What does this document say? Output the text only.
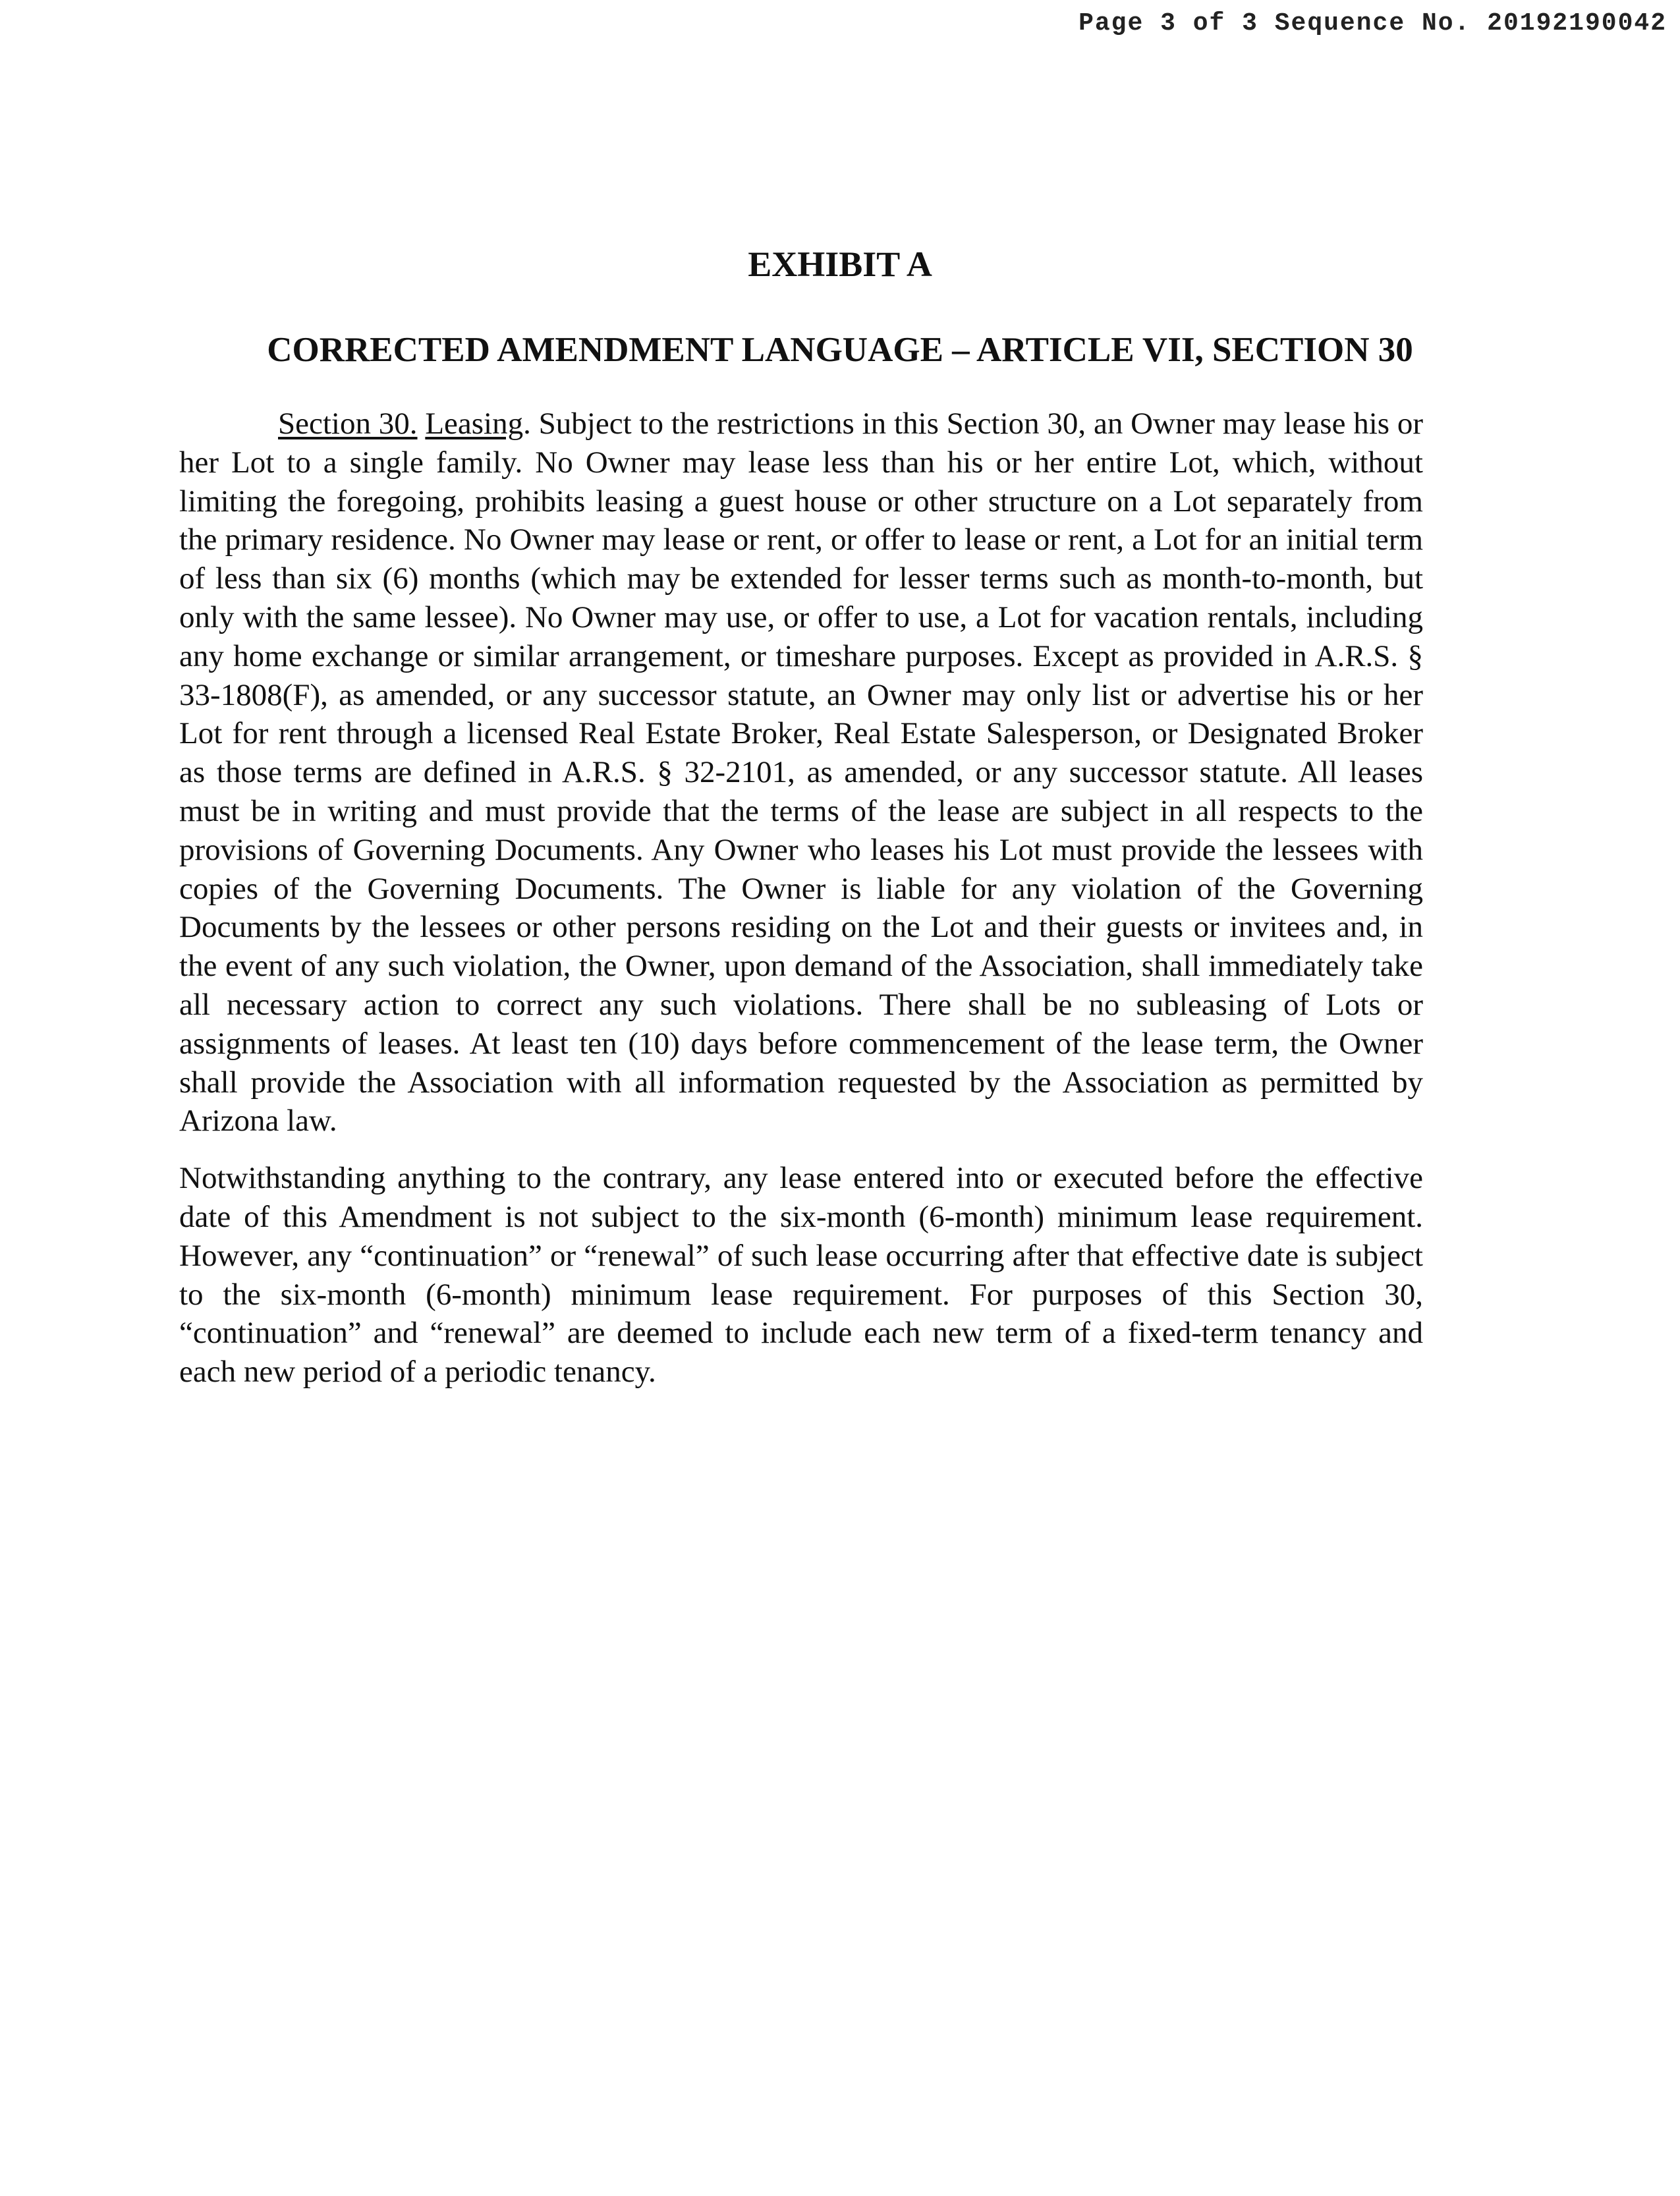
Page 3 of 3 Sequence No. 20192190042
EXHIBIT A
CORRECTED AMENDMENT LANGUAGE – ARTICLE VII, SECTION 30

Section 30. Leasing. Subject to the restrictions in this Section 30, an Owner may lease his or her Lot to a single family. No Owner may lease less than his or her entire Lot, which, without limiting the foregoing, prohibits leasing a guest house or other structure on a Lot separately from the primary residence. No Owner may lease or rent, or offer to lease or rent, a Lot for an initial term of less than six (6) months (which may be extended for lesser terms such as month-to-month, but only with the same lessee). No Owner may use, or offer to use, a Lot for vacation rentals, including any home exchange or similar arrangement, or timeshare purposes. Except as provided in A.R.S. § 33-1808(F), as amended, or any successor statute, an Owner may only list or advertise his or her Lot for rent through a licensed Real Estate Broker, Real Estate Salesperson, or Designated Broker as those terms are defined in A.R.S. § 32-2101, as amended, or any successor statute. All leases must be in writing and must provide that the terms of the lease are subject in all respects to the provisions of Governing Documents. Any Owner who leases his Lot must provide the lessees with copies of the Governing Documents. The Owner is liable for any violation of the Governing Documents by the lessees or other persons residing on the Lot and their guests or invitees and, in the event of any such violation, the Owner, upon demand of the Association, shall immediately take all necessary action to correct any such violations. There shall be no subleasing of Lots or assignments of leases. At least ten (10) days before commencement of the lease term, the Owner shall provide the Association with all information requested by the Association as permitted by Arizona law.

Notwithstanding anything to the contrary, any lease entered into or executed before the effective date of this Amendment is not subject to the six-month (6-month) minimum lease requirement. However, any “continuation” or “renewal” of such lease occurring after that effective date is subject to the six-month (6-month) minimum lease requirement. For purposes of this Section 30, “continuation” and “renewal” are deemed to include each new term of a fixed-term tenancy and each new period of a periodic tenancy.
